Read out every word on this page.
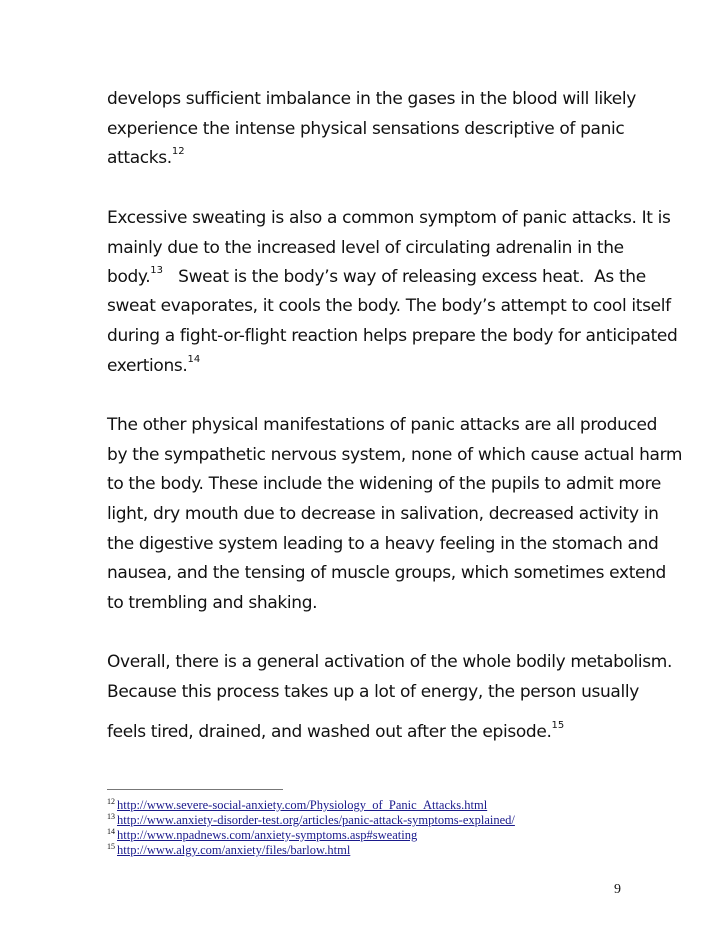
develops sufficient imbalance in the gases in the blood will likely
experience the intense physical sensations descriptive of panic
attacks.$^{12}$
Excessive sweating is also a common symptom of panic attacks. It is
mainly due to the increased level of circulating adrenalin in the
body.$^{13}$   Sweat is the body’s way of releasing excess heat.  As the
sweat evaporates, it cools the body. The body’s attempt to cool itself
during a fight-or-flight reaction helps prepare the body for anticipated
exertions.$^{14}$
The other physical manifestations of panic attacks are all produced
by the sympathetic nervous system, none of which cause actual harm
to the body. These include the widening of the pupils to admit more
light, dry mouth due to decrease in salivation, decreased activity in
the digestive system leading to a heavy feeling in the stomach and
nausea, and the tensing of muscle groups, which sometimes extend
to trembling and shaking.
Overall, there is a general activation of the whole bodily metabolism.
Because this process takes up a lot of energy, the person usually
feels tired, drained, and washed out after the episode.$^{15}$
$^{12}$ http://www.severe-social-anxiety.com/Physiology_of_Panic_Attacks.html
$^{13}$ http://www.anxiety-disorder-test.org/articles/panic-attack-symptoms-explained/
$^{14}$ http://www.npadnews.com/anxiety-symptoms.asp#sweating
$^{15}$ http://www.algy.com/anxiety/files/barlow.html
9
